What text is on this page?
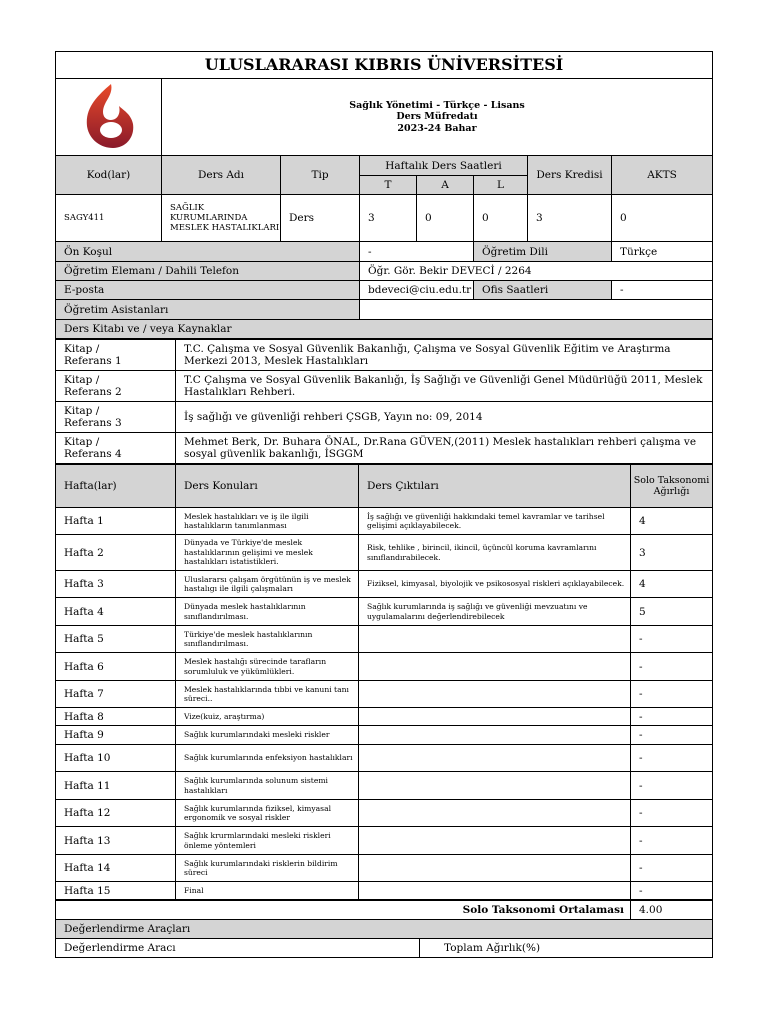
ULUSLARARASI KIBRIS ÜNİVERSİTESİ							

Sağlık Yönetimi - Türkçe - Lisans
Ders Müfredatı
2023-24 Bahar						

Kod(lar)	Ders Adı	Tip	Haftalık Ders Saatleri			Ders Kredisi	AKTS
			T	A	L		
SAGY411	SAĞLIK KURUMLARINDA MESLEK HASTALIKLARI	Ders	3	0	0	3	0
Ön Koşul			-		Öğretim Dili		Türkçe
Öğretim Elemanı / Dahili Telefon			Öğr. Gör. Bekir DEVECİ / 2264				
E-posta			bdeveci@ciu.edu.tr		Ofis Saatleri		-
Öğretim Asistanları							
Ders Kitabı ve / veya Kaynaklar							
Kitap /
Referans 1	T.C. Çalışma ve Sosyal Güvenlik Bakanlığı, Çalışma ve Sosyal Güvenlik Eğitim ve Araştırma Merkezi 2013, Meslek Hastalıkları

Kitap /
Referans 2	T.C Çalışma ve Sosyal Güvenlik Bakanlığı, İş Sağlığı ve Güvenliği Genel Müdürlüğü 2011, Meslek Hastalıkları Rehberi.

Kitap /
Referans 3	İş sağlığı ve güvenliği rehberi ÇSGB, Yayın no: 09, 2014

Kitap /
Referans 4	Mehmet Berk, Dr. Buhara ÖNAL, Dr.Rana GÜVEN,(2011) Meslek hastalıkları rehberi çalışma ve sosyal güvenlik bakanlığı, İSGGM
Hafta(lar)	Ders Konuları	Ders Çıktıları	Solo Taksonomi Ağırlığı
Hafta 1	Meslek hastalıkları ve iş ile ilgili hastalıkların tanımlanması	İş sağlığı ve güvenliği hakkındaki temel kavramlar ve tarihsel gelişimi açıklayabilecek.	4
Hafta 2	Dünyada ve Türkiye'de meslek hastalıklarının gelişimi ve meslek hastalıkları istatistikleri.	Risk, tehlike , birincil, ikincil, üçüncül koruma kavramlarını sınıflandırabilecek.	3
Hafta 3	Uluslararsı çalışam örgütünün iş ve meslek hastalıgı ile ilgili çalışmaları	Fiziksel, kimyasal, biyolojik ve psikososyal riskleri açıklayabilecek.	4
Hafta 4	Dünyada meslek hastalıklarının sınıflandırılması.	Sağlık kurumlarında iş sağlığı ve güvenliği mevzuatını ve uygulamalarını değerlendirebilecek	5
Hafta 5	Türkiye'de meslek hastalıklarının sınıflandırılması.		-
Hafta 6	Meslek hastalığı sürecinde tarafların sorumluluk ve yükümlükleri.		-
Hafta 7	Meslek hastalıklarında tıbbi ve kanuni tanı süreci..		-
Hafta 8	Vize(kuiz, araştırma)		-
Hafta 9	Sağlık kurumlarındaki mesleki riskler		-
Hafta 10	Sağlık kurumlarında enfeksiyon hastalıkları		-
Hafta 11	Sağlık kurumlarında solunum sistemi hastalıkları		-
Hafta 12	Sağlık kurumlarında fiziksel, kimyasal ergonomik ve sosyal riskler		-
Hafta 13	Sağlık krurmlarındaki mesleki riskleri önleme yöntemleri		-
Hafta 14	Sağlık kurumlarındaki risklerin bildirim süreci		-
Hafta 15	Final		-
Solo Taksonomi Ortalaması		4.00
Değerlendirme Araçları		
Değerlendirme Aracı	Toplam Ağırlık(%)	
